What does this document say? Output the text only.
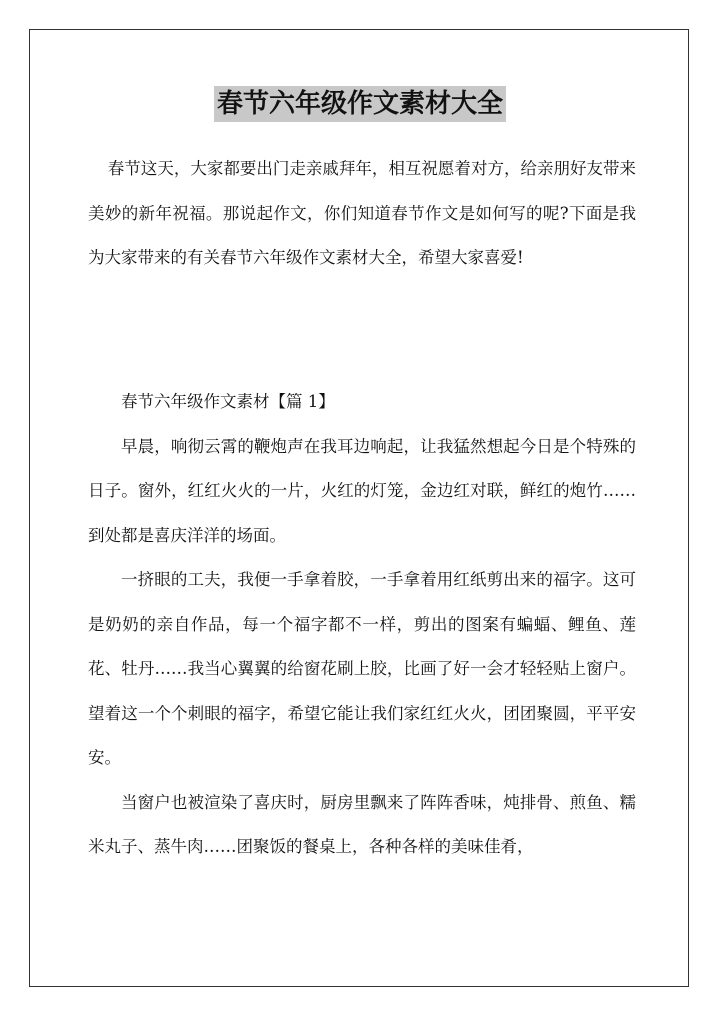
春节六年级作文素材大全

春节这天，大家都要出门走亲戚拜年，相互祝愿着对方，给亲朋好友带来美妙的新年祝福。那说起作文，你们知道春节作文是如何写的呢?下面是我为大家带来的有关春节六年级作文素材大全，希望大家喜爱!

春节六年级作文素材【篇 1】

早晨，响彻云霄的鞭炮声在我耳边响起，让我猛然想起今日是个特殊的日子。窗外，红红火火的一片，火红的灯笼，金边红对联，鲜红的炮竹……到处都是喜庆洋洋的场面。

一挤眼的工夫，我便一手拿着胶，一手拿着用红纸剪出来的福字。这可是奶奶的亲自作品，每一个福字都不一样，剪出的图案有蝙蝠、鲤鱼、莲花、牡丹……我当心翼翼的给窗花刷上胶，比画了好一会才轻轻贴上窗户。望着这一个个刺眼的福字，希望它能让我们家红红火火，团团聚圆，平平安安。

当窗户也被渲染了喜庆时，厨房里飘来了阵阵香味，炖排骨、煎鱼、糯米丸子、蒸牛肉……团聚饭的餐桌上，各种各样的美味佳肴，
